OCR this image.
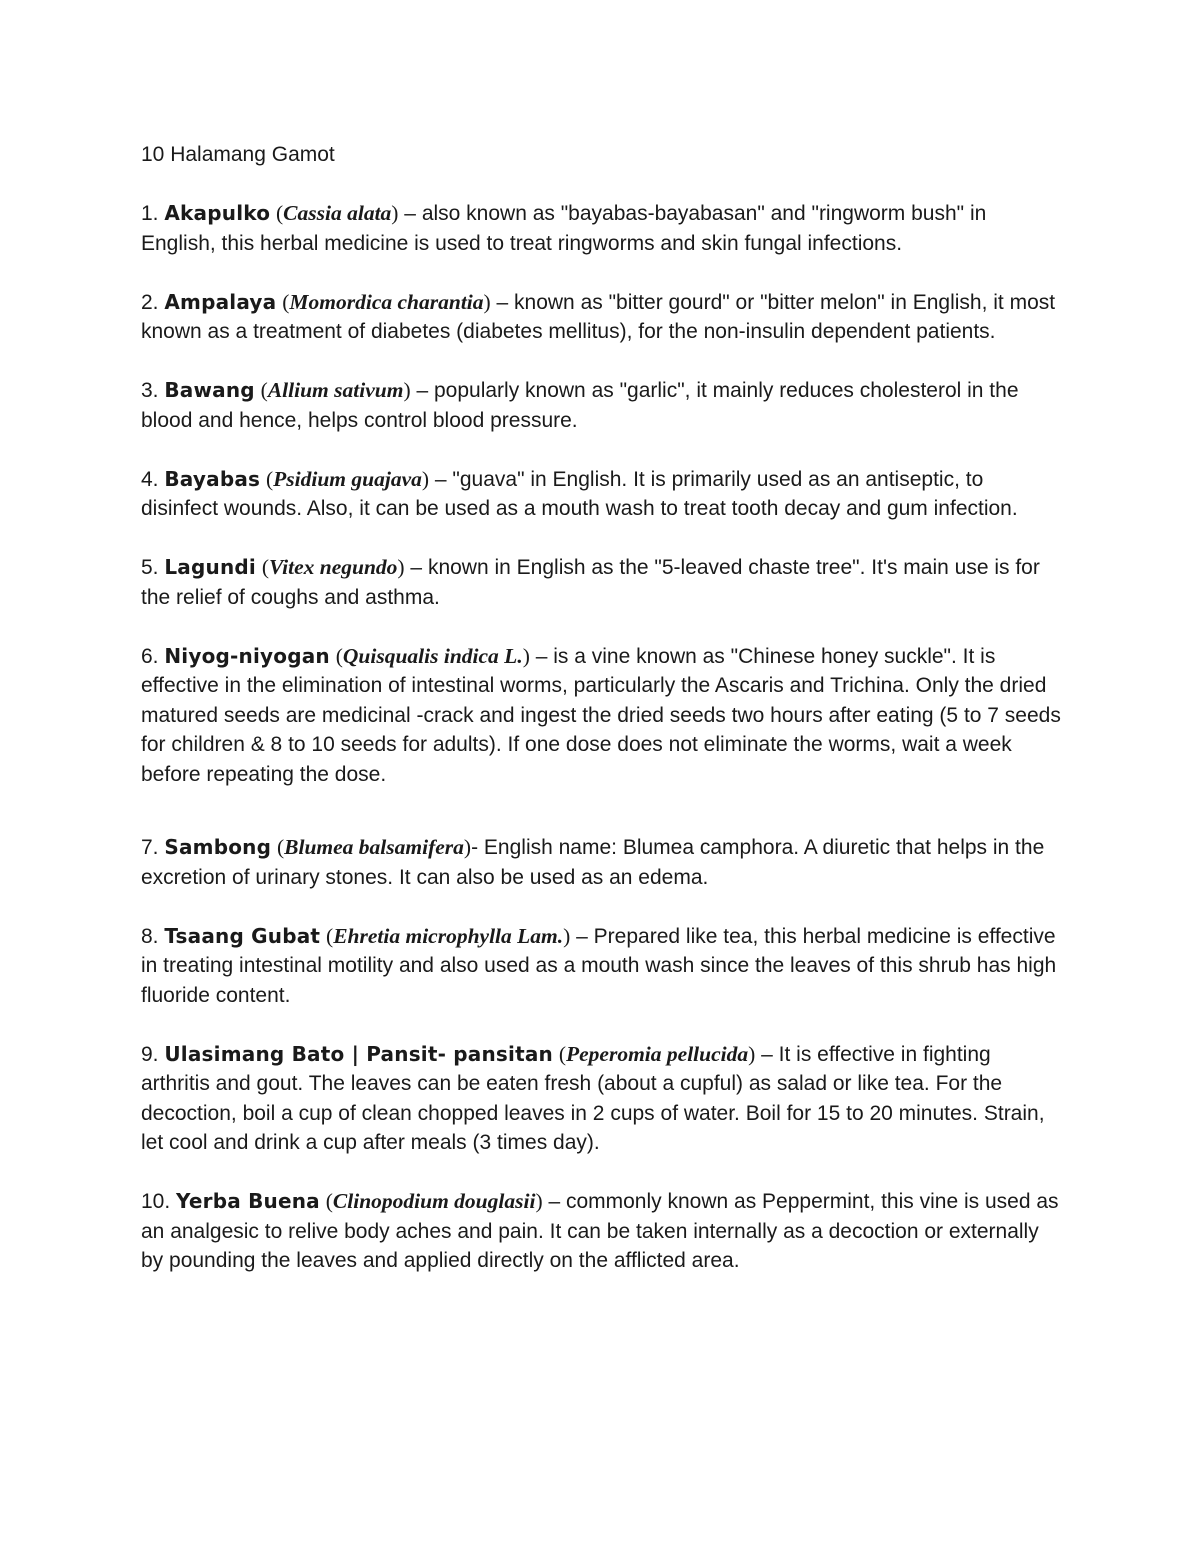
10 Halamang Gamot

1. Akapulko (Cassia alata) – also known as "bayabas-bayabasan" and "ringworm bush" in English, this herbal medicine is used to treat ringworms and skin fungal infections.

2. Ampalaya (Momordica charantia) – known as "bitter gourd" or "bitter melon" in English, it most known as a treatment of diabetes (diabetes mellitus), for the non-insulin dependent patients.

3. Bawang (Allium sativum) – popularly known as "garlic", it mainly reduces cholesterol in the blood and hence, helps control blood pressure.

4. Bayabas (Psidium guajava) – "guava" in English. It is primarily used as an antiseptic, to disinfect wounds. Also, it can be used as a mouth wash to treat tooth decay and gum infection.

5. Lagundi (Vitex negundo) – known in English as the "5-leaved chaste tree". It's main use is for the relief of coughs and asthma.

6. Niyog-niyogan (Quisqualis indica L.) – is a vine known as "Chinese honey suckle". It is effective in the elimination of intestinal worms, particularly the Ascaris and Trichina. Only the dried matured seeds are medicinal -crack and ingest the dried seeds two hours after eating (5 to 7 seeds for children & 8 to 10 seeds for adults). If one dose does not eliminate the worms, wait a week before repeating the dose.

7. Sambong (Blumea balsamifera)- English name: Blumea camphora. A diuretic that helps in the excretion of urinary stones. It can also be used as an edema.

8. Tsaang Gubat (Ehretia microphylla Lam.) – Prepared like tea, this herbal medicine is effective in treating intestinal motility and also used as a mouth wash since the leaves of this shrub has high fluoride content.

9. Ulasimang Bato | Pansit- pansitan (Peperomia pellucida) – It is effective in fighting arthritis and gout. The leaves can be eaten fresh (about a cupful) as salad or like tea. For the decoction, boil a cup of clean chopped leaves in 2 cups of water. Boil for 15 to 20 minutes. Strain, let cool and drink a cup after meals (3 times day).

10. Yerba Buena (Clinopodium douglasii) – commonly known as Peppermint, this vine is used as an analgesic to relive body aches and pain. It can be taken internally as a decoction or externally by pounding the leaves and applied directly on the afflicted area.
